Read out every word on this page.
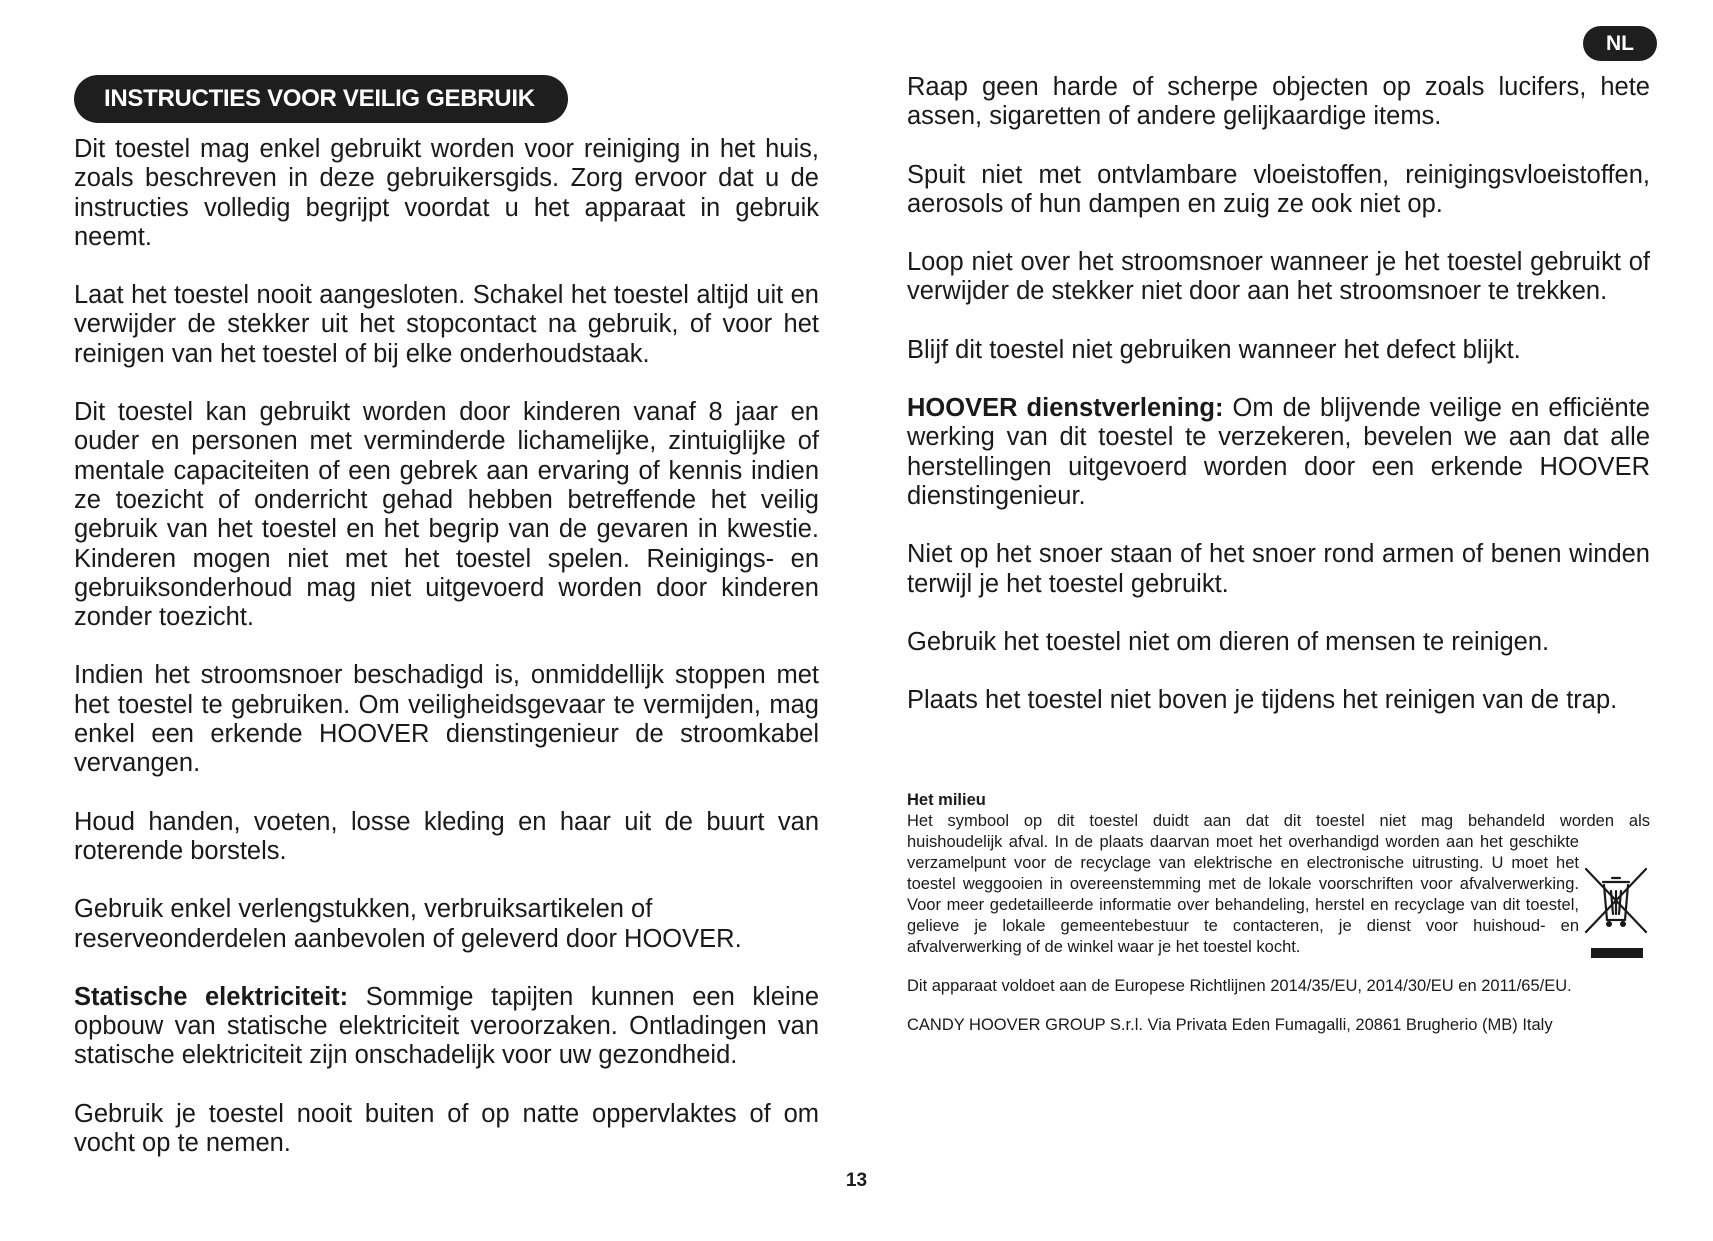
NL
INSTRUCTIES VOOR VEILIG GEBRUIK

Dit toestel mag enkel gebruikt worden voor reiniging in het huis, zoals beschreven in deze gebruikersgids. Zorg ervoor dat u de instructies volledig begrijpt voordat u het apparaat in gebruik neemt.

Laat het toestel nooit aangesloten. Schakel het toestel altijd uit en verwijder de stekker uit het stopcontact na gebruik, of voor het reinigen van het toestel of bij elke onderhoudstaak.

Dit toestel kan gebruikt worden door kinderen vanaf 8 jaar en ouder en personen met verminderde lichamelijke, zintuiglijke of mentale capaciteiten of een gebrek aan ervaring of kennis indien ze toezicht of onderricht gehad hebben betreffende het veilig gebruik van het toestel en het begrip van de gevaren in kwestie. Kinderen mogen niet met het toestel spelen. Reinigings- en gebruiksonderhoud mag niet uitgevoerd worden door kinderen zonder toezicht.

Indien het stroomsnoer beschadigd is, onmiddellijk stoppen met het toestel te gebruiken. Om veiligheidsgevaar te vermijden, mag enkel een erkende HOOVER dienstingenieur de stroomkabel vervangen.

Houd handen, voeten, losse kleding en haar uit de buurt van roterende borstels.

Gebruik enkel verlengstukken, verbruiksartikelen of
reserveonderdelen aanbevolen of geleverd door HOOVER.

Statische elektriciteit: Sommige tapijten kunnen een kleine opbouw van statische elektriciteit veroorzaken. Ontladingen van statische elektriciteit zijn onschadelijk voor uw gezondheid.

Gebruik je toestel nooit buiten of op natte oppervlaktes of om vocht op te nemen.

Raap geen harde of scherpe objecten op zoals lucifers, hete assen, sigaretten of andere gelijkaardige items.

Spuit niet met ontvlambare vloeistoffen, reinigingsvloeistoffen, aerosols of hun dampen en zuig ze ook niet op.

Loop niet over het stroomsnoer wanneer je het toestel gebruikt of verwijder de stekker niet door aan het stroomsnoer te trekken.

Blijf dit toestel niet gebruiken wanneer het defect blijkt.

HOOVER dienstverlening: Om de blijvende veilige en efficiënte werking van dit toestel te verzekeren, bevelen we aan dat alle herstellingen uitgevoerd worden door een erkende HOOVER dienstingenieur.

Niet op het snoer staan of het snoer rond armen of benen winden terwijl je het toestel gebruikt.

Gebruik het toestel niet om dieren of mensen te reinigen.

Plaats het toestel niet boven je tijdens het reinigen van de trap.

Het milieu

Het symbool op dit toestel duidt aan dat dit toestel niet mag behandeld worden als

huishoudelijk afval. In de plaats daarvan moet het overhandigd worden aan het geschikte verzamelpunt voor de recyclage van elektrische en electronische uitrusting. U moet het toestel weggooien in overeenstemming met de lokale voorschriften voor afvalverwerking. Voor meer gedetailleerde informatie over behandeling, herstel en recyclage van dit toestel, gelieve je lokale gemeentebestuur te contacteren, je dienst voor huishoud- en afvalverwerking of de winkel waar je het toestel kocht.

Dit apparaat voldoet aan de Europese Richtlijnen 2014/35/EU, 2014/30/EU en 2011/65/EU.

CANDY HOOVER GROUP S.r.l. Via Privata Eden Fumagalli, 20861 Brugherio (MB) Italy

13
